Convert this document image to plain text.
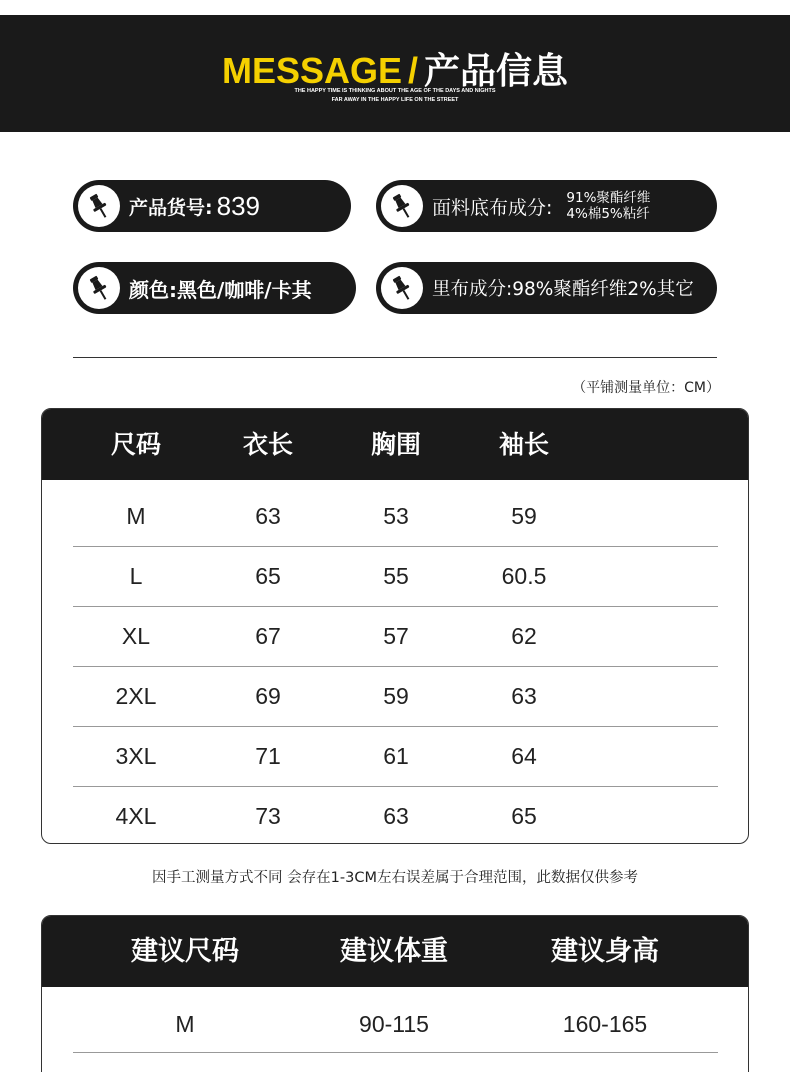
MESSAGE / 产品信息
THE HAPPY TIME IS THINKING ABOUT THE AGE OF THE DAYS AND NIGHTS
FAR AWAY IN THE HAPPY LIFE ON THE STREET
产品货号: 839	面料底布成分: 91%聚酯纤维
4%棉5%粘纤
颜色:黑色/咖啡/卡其	里布成分:98%聚酯纤维2%其它
（平铺测量单位：CM）
尺码	衣长	胸围	袖长
M	63	53	59
L	65	55	60.5
XL	67	57	62
2XL	69	59	63
3XL	71	61	64
4XL	73	63	65
因手工测量方式不同 会存在1-3CM左右误差属于合理范围，此数据仅供参考
建议尺码	建议体重	建议身高
M	90-115	160-165
